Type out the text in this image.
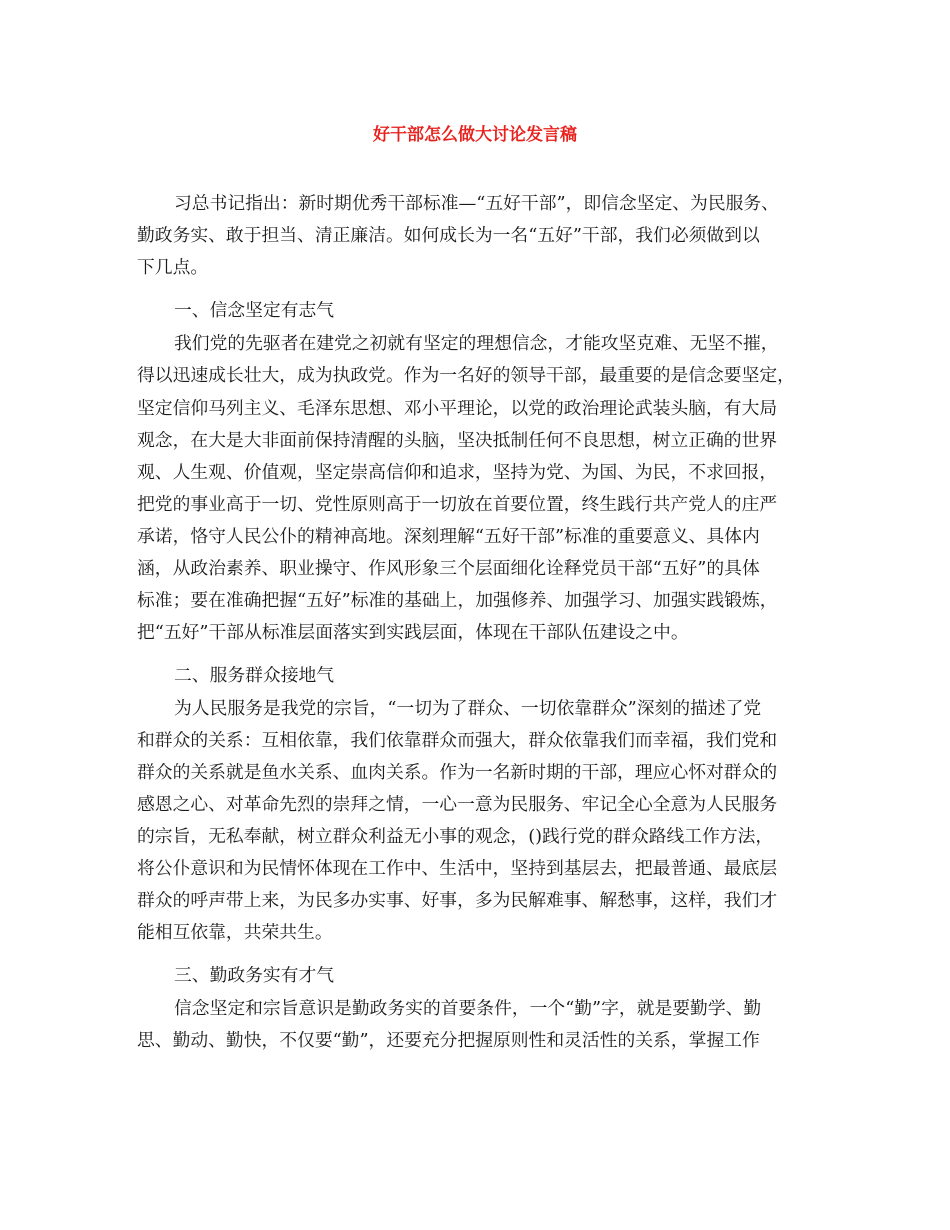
好干部怎么做大讨论发言稿

习总书记指出：新时期优秀干部标准—“五好干部”，即信念坚定、为民服务、

勤政务实、敢于担当、清正廉洁。如何成长为一名“五好”干部，我们必须做到以

下几点。

一、信念坚定有志气

我们党的先驱者在建党之初就有坚定的理想信念，才能攻坚克难、无坚不摧，

得以迅速成长壮大，成为执政党。作为一名好的领导干部，最重要的是信念要坚定，

坚定信仰马列主义、毛泽东思想、邓小平理论，以党的政治理论武装头脑，有大局

观念，在大是大非面前保持清醒的头脑，坚决抵制任何不良思想，树立正确的世界

观、人生观、价值观，坚定崇高信仰和追求，坚持为党、为国、为民，不求回报，

把党的事业高于一切、党性原则高于一切放在首要位置，终生践行共产党人的庄严

承诺，恪守人民公仆的精神高地。深刻理解“五好干部”标准的重要意义、具体内

涵，从政治素养、职业操守、作风形象三个层面细化诠释党员干部“五好”的具体

标准；要在准确把握“五好”标准的基础上，加强修养、加强学习、加强实践锻炼，

把“五好”干部从标准层面落实到实践层面，体现在干部队伍建设之中。

二、服务群众接地气

为人民服务是我党的宗旨，“一切为了群众、一切依靠群众”深刻的描述了党

和群众的关系：互相依靠，我们依靠群众而强大，群众依靠我们而幸福，我们党和

群众的关系就是鱼水关系、血肉关系。作为一名新时期的干部，理应心怀对群众的

感恩之心、对革命先烈的崇拜之情，一心一意为民服务、牢记全心全意为人民服务

的宗旨，无私奉献，树立群众利益无小事的观念，()践行党的群众路线工作方法，

将公仆意识和为民情怀体现在工作中、生活中，坚持到基层去，把最普通、最底层

群众的呼声带上来，为民多办实事、好事，多为民解难事、解愁事，这样，我们才

能相互依靠，共荣共生。

三、勤政务实有才气

信念坚定和宗旨意识是勤政务实的首要条件，一个“勤”字，就是要勤学、勤

思、勤动、勤快，不仅要“勤”，还要充分把握原则性和灵活性的关系，掌握工作
